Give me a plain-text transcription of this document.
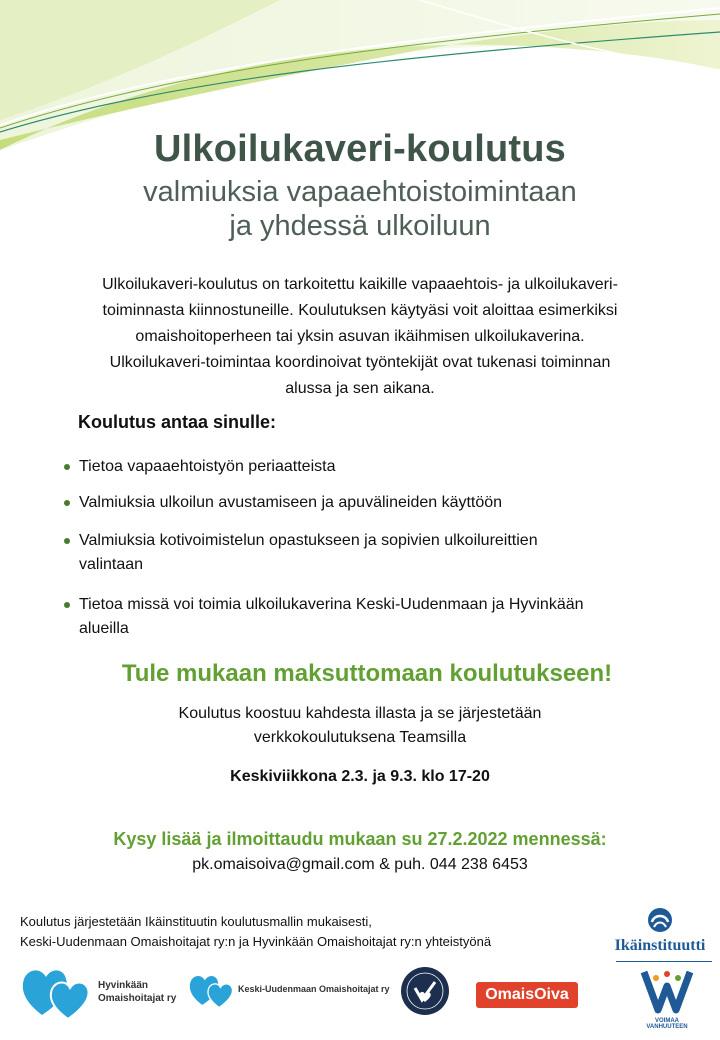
Ulkoilukaveri-koulutus
valmiuksia vapaaehtoistoimintaan
ja yhdessä ulkoiluun
Ulkoilukaveri-koulutus on tarkoitettu kaikille vapaaehtois- ja ulkoilukaveri-
toiminnasta kiinnostuneille. Koulutuksen käytyäsi voit aloittaa esimerkiksi
omaishoitoperheen tai yksin asuvan ikäihmisen ulkoilukaverina.
Ulkoilukaveri-toimintaa koordinoivat työntekijät ovat tukenasi toiminnan
alussa ja sen aikana.
Koulutus antaa sinulle:
Tietoa vapaaehtoistyön periaatteista
Valmiuksia ulkoilun avustamiseen ja apuvälineiden käyttöön
Valmiuksia kotivoimistelun opastukseen ja sopivien ulkoilureittien
valintaan
Tietoa missä voi toimia ulkoilukaverina Keski-Uudenmaan ja Hyvinkään
alueilla
Tule mukaan maksuttomaan koulutukseen!
Koulutus koostuu kahdesta illasta ja se järjestetään
verkkokoulutuksena Teamsilla
Keskiviikkona 2.3. ja 9.3. klo 17-20
Kysy lisää ja ilmoittaudu mukaan su 27.2.2022 mennessä:
pk.omaisoiva@gmail.com & puh. 044 238 6453
Koulutus järjestetään Ikäinstituutin koulutusmallin mukaisesti,
Keski-Uudenmaan Omaishoitajat ry:n ja Hyvinkään Omaishoitajat ry:n yhteistyönä
Hyvinkään
Omaishoitajat ry
Keski-Uudenmaan Omaishoitajat ry	OmaisOiva
Ikäinstituutti
VOIMAA VANHUUTEEN
